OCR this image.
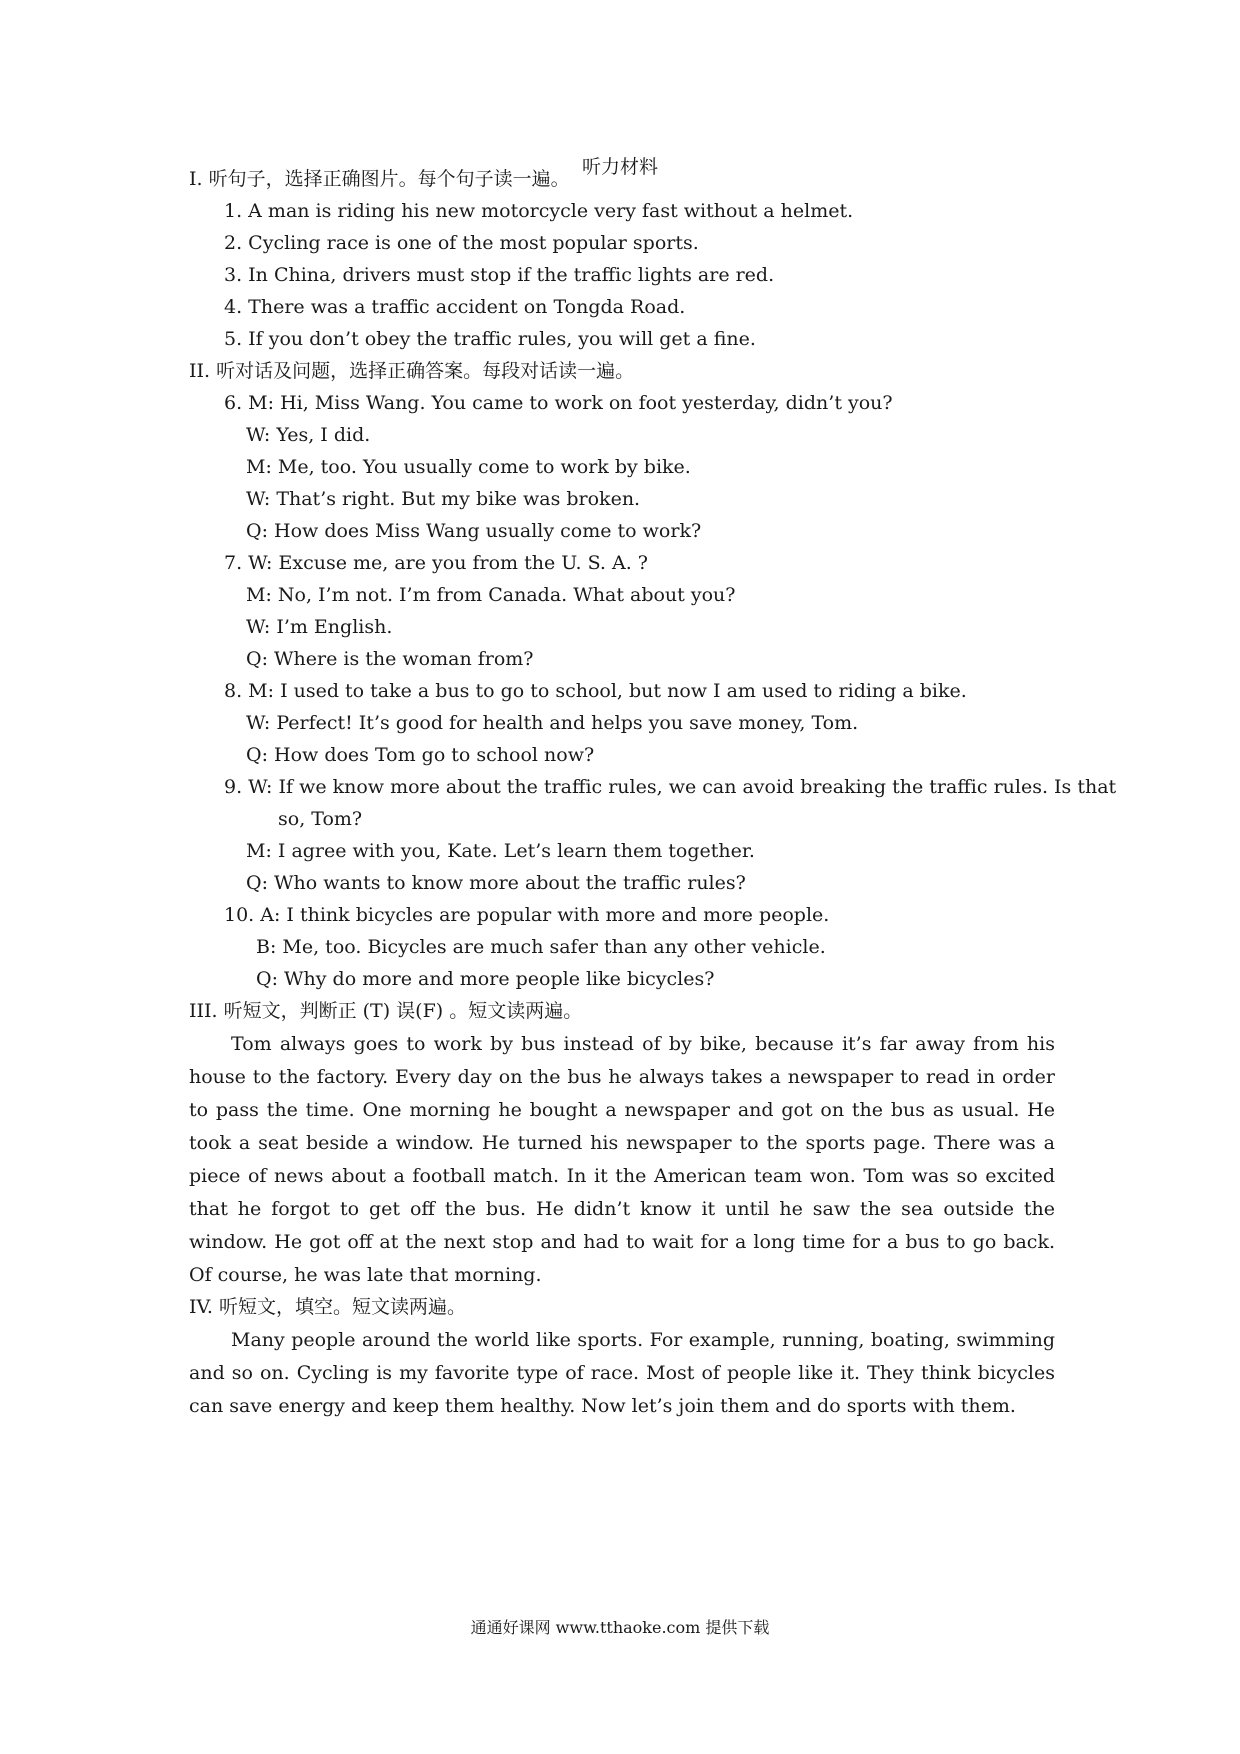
听力材料
I. 听句子，选择正确图片。每个句子读一遍。
1. A man is riding his new motorcycle very fast without a helmet.
2. Cycling race is one of the most popular sports.
3. In China, drivers must stop if the traffic lights are red.
4. There was a traffic accident on Tongda Road.
5. If you don’t obey the traffic rules, you will get a fine.
II. 听对话及问题，选择正确答案。每段对话读一遍。
6. M: Hi, Miss Wang. You came to work on foot yesterday, didn’t you?
W: Yes, I did.
M: Me, too. You usually come to work by bike.
W: That’s right. But my bike was broken.
Q: How does Miss Wang usually come to work?
7. W: Excuse me, are you from the U. S. A. ?
M: No, I’m not. I’m from Canada. What about you?
W: I’m English.
Q: Where is the woman from?
8. M: I used to take a bus to go to school, but now I am used to riding a bike.
W: Perfect! It’s good for health and helps you save money, Tom.
Q: How does Tom go to school now?
9. W: If we know more about the traffic rules, we can avoid breaking the traffic rules. Is that
so, Tom?
M: I agree with you, Kate. Let’s learn them together.
Q: Who wants to know more about the traffic rules?
10. A: I think bicycles are popular with more and more people.
B: Me, too. Bicycles are much safer than any other vehicle.
Q: Why do more and more people like bicycles?
III. 听短文，判断正 (T) 误(F) 。短文读两遍。
Tom always goes to work by bus instead of by bike, because it’s far away from his house to the factory. Every day on the bus he always takes a newspaper to read in order to pass the time. One morning he bought a newspaper and got on the bus as usual. He took a seat beside a window. He turned his newspaper to the sports page. There was a piece of news about a football match. In it the American team won. Tom was so excited that he forgot to get off the bus. He didn’t know it until he saw the sea outside the window. He got off at the next stop and had to wait for a long time for a bus to go back. Of course, he was late that morning.
IV. 听短文，填空。短文读两遍。
Many people around the world like sports. For example, running, boating, swimming and so on. Cycling is my favorite type of race. Most of people like it. They think bicycles can save energy and keep them healthy. Now let’s join them and do sports with them.
通通好课网 www.tthaoke.com 提供下载
